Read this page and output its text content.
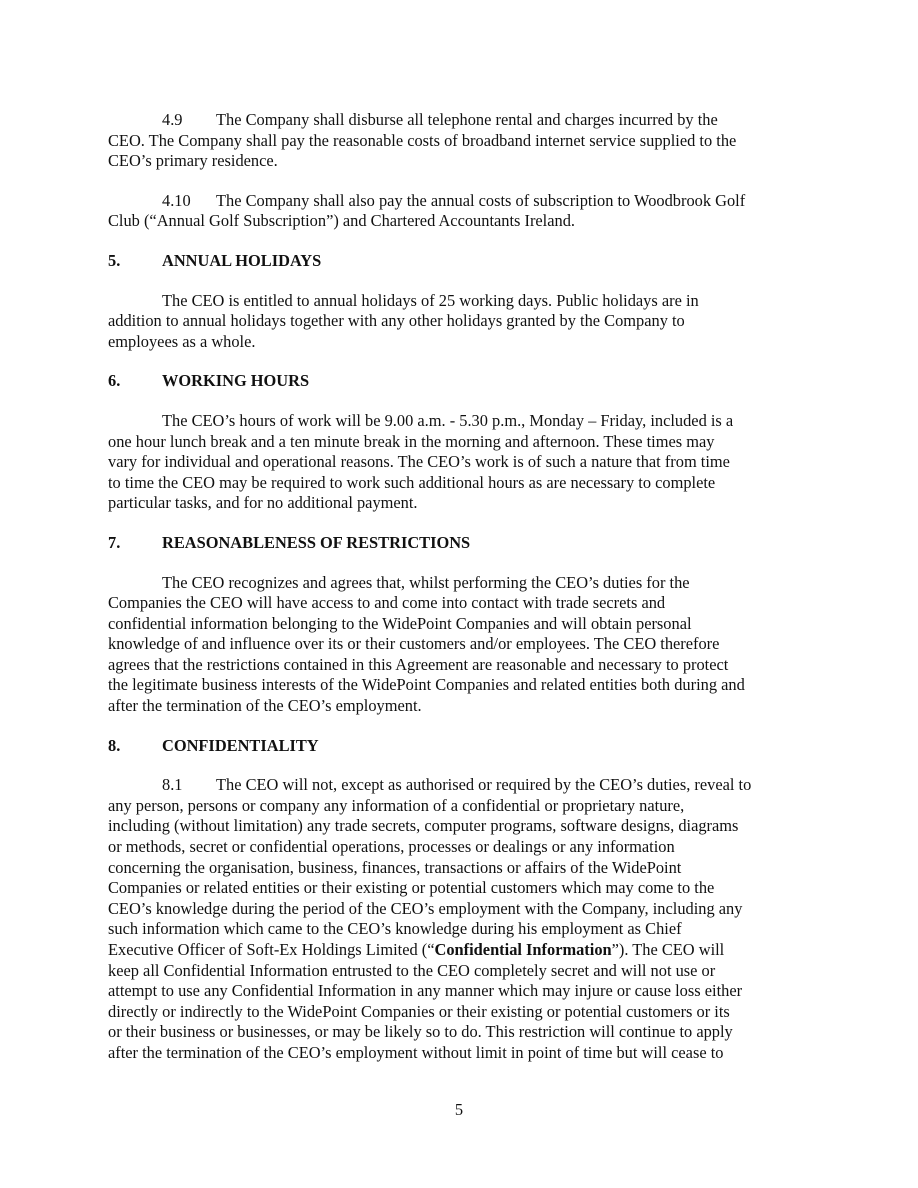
4.9 The Company shall disburse all telephone rental and charges incurred by the
CEO. The Company shall pay the reasonable costs of broadband internet service supplied to the
CEO’s primary residence.

4.10 The Company shall also pay the annual costs of subscription to Woodbrook Golf
Club (“Annual Golf Subscription”) and Chartered Accountants Ireland.

5.	ANNUAL HOLIDAYS

The CEO is entitled to annual holidays of 25 working days. Public holidays are in
addition to annual holidays together with any other holidays granted by the Company to
employees as a whole.

6.	WORKING HOURS

The CEO’s hours of work will be 9.00 a.m. - 5.30 p.m., Monday – Friday, included is a
one hour lunch break and a ten minute break in the morning and afternoon. These times may
vary for individual and operational reasons. The CEO’s work is of such a nature that from time
to time the CEO may be required to work such additional hours as are necessary to complete
particular tasks, and for no additional payment.

7.	REASONABLENESS OF RESTRICTIONS

The CEO recognizes and agrees that, whilst performing the CEO’s duties for the
Companies the CEO will have access to and come into contact with trade secrets and
confidential information belonging to the WidePoint Companies and will obtain personal
knowledge of and influence over its or their customers and/or employees. The CEO therefore
agrees that the restrictions contained in this Agreement are reasonable and necessary to protect
the legitimate business interests of the WidePoint Companies and related entities both during and
after the termination of the CEO’s employment.

8.	CONFIDENTIALITY

8.1 The CEO will not, except as authorised or required by the CEO’s duties, reveal to
any person, persons or company any information of a confidential or proprietary nature,
including (without limitation) any trade secrets, computer programs, software designs, diagrams
or methods, secret or confidential operations, processes or dealings or any information
concerning the organisation, business, finances, transactions or affairs of the WidePoint
Companies or related entities or their existing or potential customers which may come to the
CEO’s knowledge during the period of the CEO’s employment with the Company, including any
such information which came to the CEO’s knowledge during his employment as Chief
Executive Officer of Soft-Ex Holdings Limited (“Confidential Information”). The CEO will
keep all Confidential Information entrusted to the CEO completely secret and will not use or
attempt to use any Confidential Information in any manner which may injure or cause loss either
directly or indirectly to the WidePoint Companies or their existing or potential customers or its
or their business or businesses, or may be likely so to do. This restriction will continue to apply
after the termination of the CEO’s employment without limit in point of time but will cease to

5
